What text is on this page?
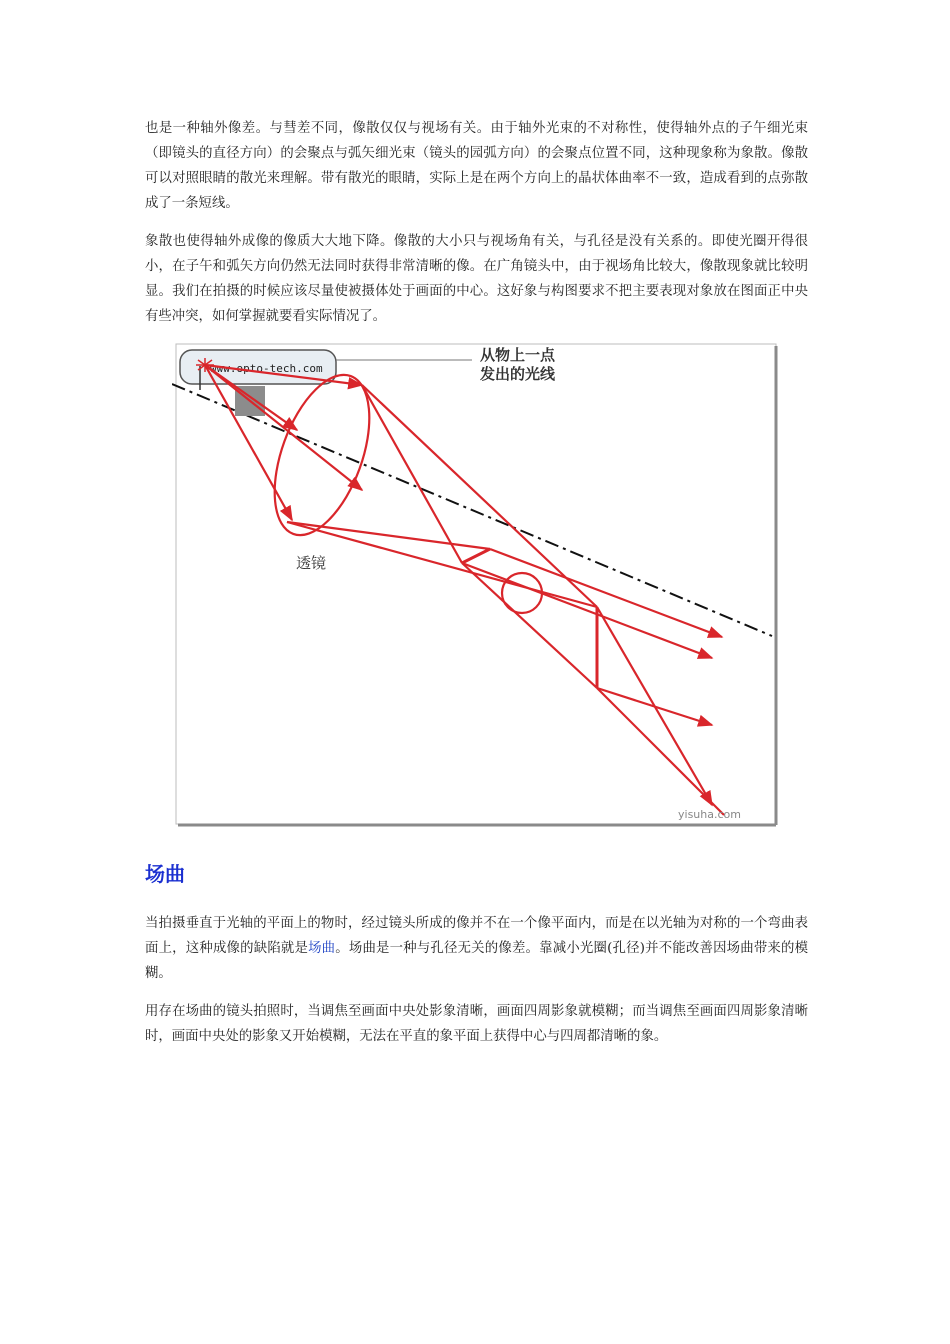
也是一种轴外像差。与彗差不同，像散仅仅与视场有关。由于轴外光束的不对称性，使得轴外点的子午细光束（即镜头的直径方向）的会聚点与弧矢细光束（镜头的园弧方向）的会聚点位置不同，这种现象称为象散。像散可以对照眼睛的散光来理解。带有散光的眼睛，实际上是在两个方向上的晶状体曲率不一致，造成看到的点弥散成了一条短线。

象散也使得轴外成像的像质大大地下降。像散的大小只与视场角有关，与孔径是没有关系的。即使光圈开得很小，在子午和弧矢方向仍然无法同时获得非常清晰的像。在广角镜头中，由于视场角比较大，像散现象就比较明显。我们在拍摄的时候应该尽量使被摄体处于画面的中心。这好象与构图要求不把主要表现对象放在图面正中央有些冲突，如何掌握就要看实际情况了。

www.opto-tech.com
从物上一点
发出的光线
透镜
yisuha.com
场曲

当拍摄垂直于光轴的平面上的物时，经过镜头所成的像并不在一个像平面内，而是在以光轴为对称的一个弯曲表面上，这种成像的缺陷就是场曲。场曲是一种与孔径无关的像差。靠减小光圈(孔径)并不能改善因场曲带来的模糊。

用存在场曲的镜头拍照时，当调焦至画面中央处影象清晰，画面四周影象就模糊；而当调焦至画面四周影象清晰时，画面中央处的影象又开始模糊，无法在平直的象平面上获得中心与四周都清晰的象。
